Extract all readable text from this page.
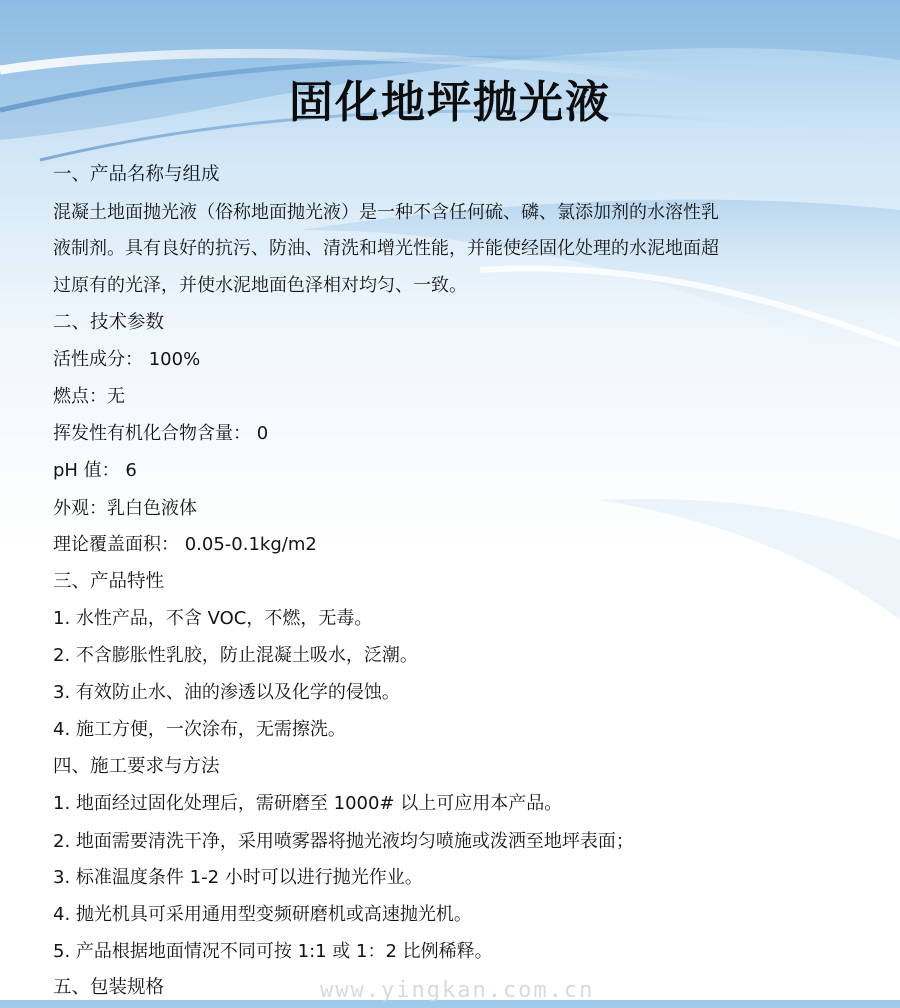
固化地坪抛光液
一、产品名称与组成
混凝土地面抛光液（俗称地面抛光液）是一种不含任何硫、磷、氯添加剂的水溶性乳
液制剂。具有良好的抗污、防油、清洗和增光性能，并能使经固化处理的水泥地面超
过原有的光泽，并使水泥地面色泽相对均匀、一致。
二、技术参数
活性成分： 100%
燃点：无
挥发性有机化合物含量： 0
pH 值： 6
外观：乳白色液体
理论覆盖面积： 0.05-0.1kg/m2
三、产品特性
1. 水性产品，不含 VOC，不燃，无毒。
2. 不含膨胀性乳胶，防止混凝土吸水，泛潮。
3. 有效防止水、油的渗透以及化学的侵蚀。
4. 施工方便，一次涂布，无需擦洗。
四、施工要求与方法
1. 地面经过固化处理后，需研磨至 1000# 以上可应用本产品。
2. 地面需要清洗干净，采用喷雾器将抛光液均匀喷施或泼洒至地坪表面；
3. 标准温度条件 1-2 小时可以进行抛光作业。
4. 抛光机具可采用通用型变频研磨机或高速抛光机。
5. 产品根据地面情况不同可按 1:1 或 1：2 比例稀释。
五、包装规格	www.yingkan.com.cn
